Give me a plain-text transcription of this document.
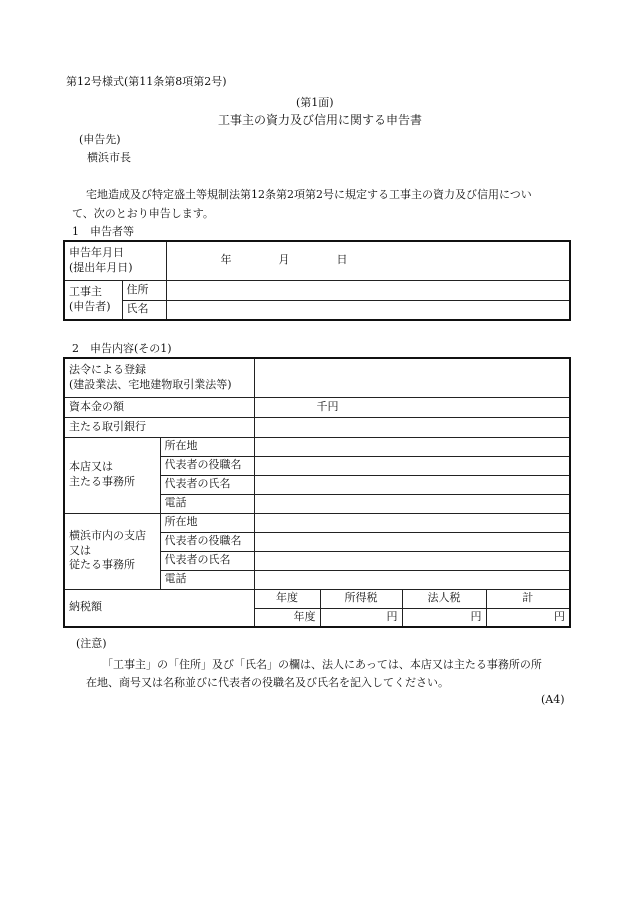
第12号様式(第11条第8項第2号)
(第1面)
工事主の資力及び信用に関する申告書
(申告先)
横浜市長
宅地造成及び特定盛土等規制法第12条第2項第2号に規定する工事主の資力及び信用につい
て、次のとおり申告します。
1　申告者等
申告年月日
(提出年月日)		年 月 日

工事主
(申告者)	住所	
	氏名	
2　申告内容(その1)
法令による登録
(建設業法、宅地建物取引業法等)					

資本金の額		千円			
主たる取引銀行					

本店又は
主たる事務所	所在地				
	代表者の役職名				
	代表者の氏名				
	電話				

横浜市内の支店
又は
従たる事務所	所在地				
	代表者の役職名				
	代表者の氏名				
	電話				
納税額		年度	所得税	法人税	計
		年度	円	円	円
(注意)
「工事主」の「住所」及び「氏名」の欄は、法人にあっては、本店又は主たる事務所の所
在地、商号又は名称並びに代表者の役職名及び氏名を記入してください。
(A4)
